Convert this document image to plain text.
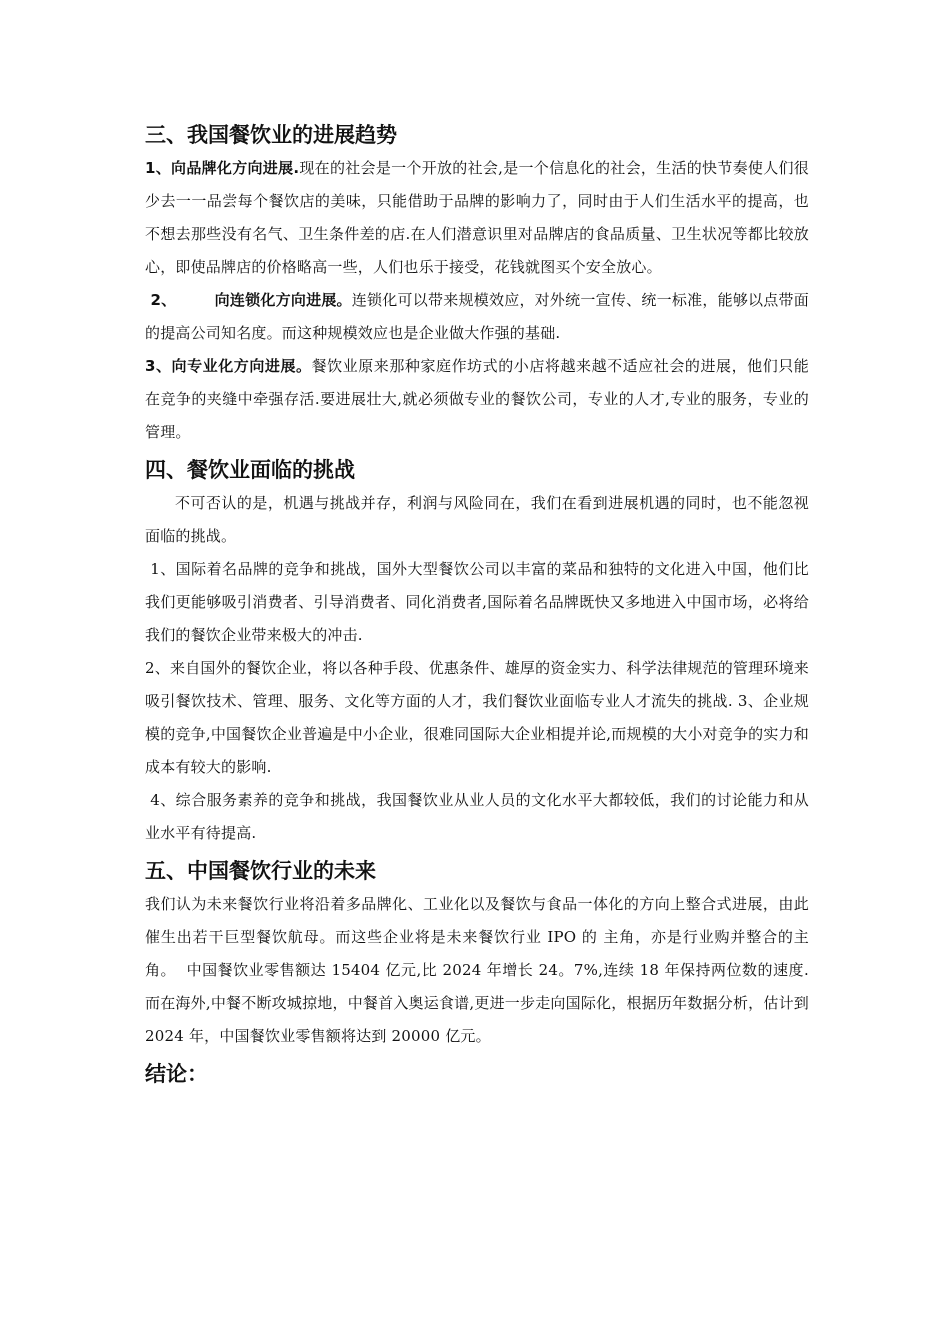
三、我国餐饮业的进展趋势

1、向品牌化方向进展.现在的社会是一个开放的社会,是一个信息化的社会，生活的快节奏使人们很少去一一品尝每个餐饮店的美味，只能借助于品牌的影响力了，同时由于人们生活水平的提高，也不想去那些没有名气、卫生条件差的店.在人们潜意识里对品牌店的食品质量、卫生状况等都比较放心，即使品牌店的价格略高一些，人们也乐于接受，花钱就图买个安全放心。

2、       向连锁化方向进展。连锁化可以带来规模效应，对外统一宣传、统一标准，能够以点带面的提高公司知名度。而这种规模效应也是企业做大作强的基础.

3、向专业化方向进展。餐饮业原来那种家庭作坊式的小店将越来越不适应社会的进展，他们只能在竞争的夹缝中牵强存活.要进展壮大,就必须做专业的餐饮公司，专业的人才,专业的服务，专业的管理。

四、餐饮业面临的挑战

不可否认的是，机遇与挑战并存，利润与风险同在，我们在看到进展机遇的同时，也不能忽视面临的挑战。

1、国际着名品牌的竞争和挑战，国外大型餐饮公司以丰富的菜品和独特的文化进入中国，他们比我们更能够吸引消费者、引导消费者、同化消费者,国际着名品牌既快又多地进入中国市场，必将给我们的餐饮企业带来极大的冲击.

2、来自国外的餐饮企业，将以各种手段、优惠条件、雄厚的资金实力、科学法律规范的管理环境来吸引餐饮技术、管理、服务、文化等方面的人才，我们餐饮业面临专业人才流失的挑战. 3、企业规模的竞争,中国餐饮企业普遍是中小企业，很难同国际大企业相提并论,而规模的大小对竞争的实力和成本有较大的影响.

4、综合服务素养的竞争和挑战，我国餐饮业从业人员的文化水平大都较低，我们的讨论能力和从业水平有待提高.

五、中国餐饮行业的未来

我们认为未来餐饮行业将沿着多品牌化、工业化以及餐饮与食品一体化的方向上整合式进展，由此催生出若干巨型餐饮航母。而这些企业将是未来餐饮行业 IPO 的 主角，亦是行业购并整合的主角。  中国餐饮业零售额达 15404 亿元,比 2024 年增长 24。7%,连续 18 年保持两位数的速度.而在海外,中餐不断攻城掠地，中餐首入奥运食谱,更进一步走向国际化，根据历年数据分析，估计到 2024 年，中国餐饮业零售额将达到 20000 亿元。

结论：
